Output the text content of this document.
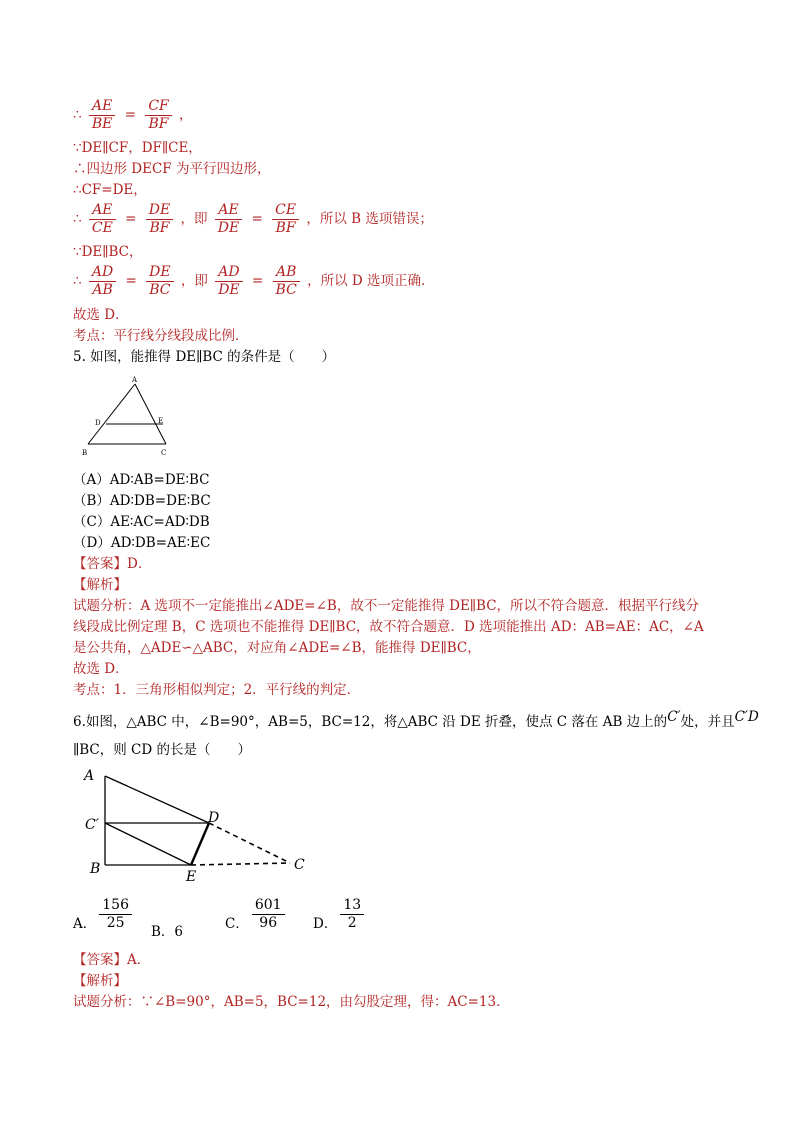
∴ $\frac{AE}{BE} = \frac{CF}{BF}$ ，
∵DE∥CF，DF∥CE，
∴四边形 DECF 为平行四边形，
∴CF=DE，
∴ $\frac{AE}{CE} = \frac{DE}{BF}$ ，即 $\frac{AE}{DE} = \frac{CE}{BF}$ ，所以 B 选项错误；
∵DE∥BC，
∴ $\frac{AD}{AB} = \frac{DE}{BC}$ ，即 $\frac{AD}{DE} = \frac{AB}{BC}$ ，所以 D 选项正确．
故选 D．
考点：平行线分线段成比例．
5. 如图，能推得 DE∥BC 的条件是（　　）
A
D	E
B	C
（A）AD∶AB=DE∶BC
（B）AD∶DB=DE∶BC
（C）AE∶AC=AD∶DB
（D）AD∶DB=AE∶EC
【答案】D．
【解析】
试题分析：A 选项不一定能推出∠ADE=∠B，故不一定能推得 DE∥BC，所以不符合题意．根据平行线分
线段成比例定理 B，C 选项也不能推得 DE∥BC，故不符合题意．D 选项能推出 AD：AB=AE：AC，∠A
是公共角，△ADE∽△ABC，对应角∠ADE=∠B，能推得 DE∥BC，
故选 D．
考点：1．三角形相似判定；2．平行线的判定．
6.如图，△ABC 中，∠B=90°，AB=5，BC=12，将△ABC 沿 DE 折叠，使点 C 落在 AB 边上的C′处，并且C′D
∥BC，则 CD 的长是（　　）
A
C′
B
D
E
C
A． $\frac{156}{25}$ B．6	C． $\frac{601}{96}$ D． $\frac{13}{2}$
【答案】A．
【解析】
试题分析：∵∠B=90°，AB=5，BC=12，由勾股定理，得：AC=13．
